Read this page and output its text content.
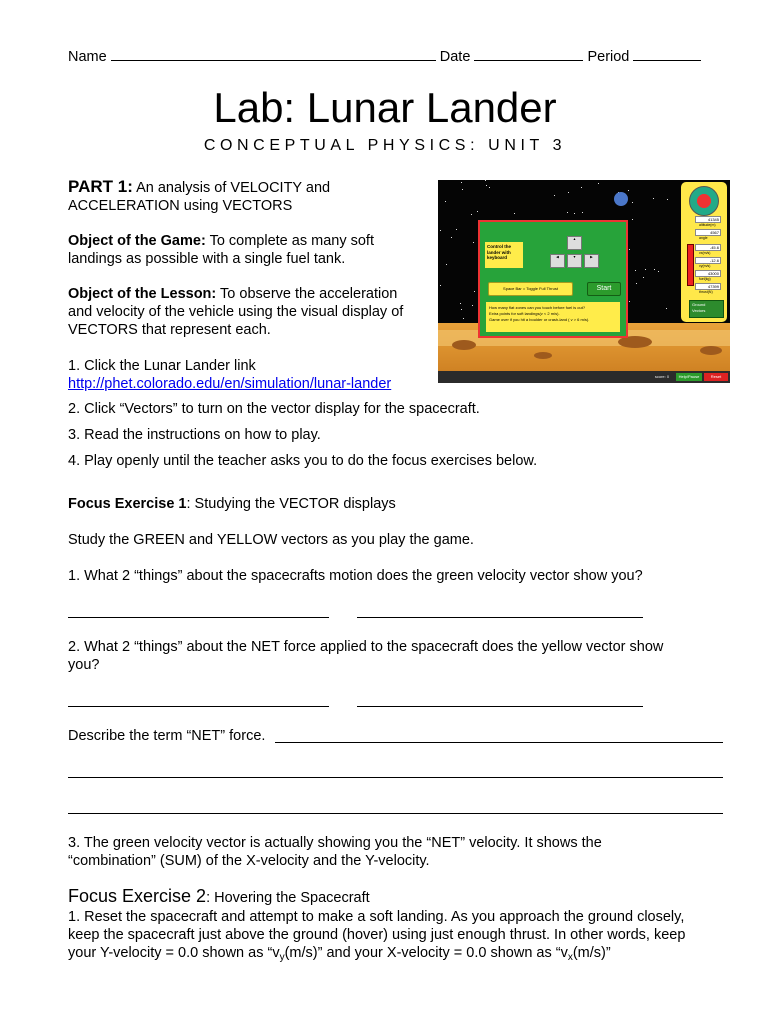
Name	Date	Period
Lab: Lunar Lander
CONCEPTUAL PHYSICS: UNIT 3
PART 1: An analysis of VELOCITY and
ACCELERATION using VECTORS
Object of the Game: To complete as many soft
landings as possible with a single fuel tank.
Object of the Lesson: To observe the acceleration
and velocity of the vehicle using the visual display of
VECTORS that represent each.
Control the lander with keyboard
▲
◀	▼	▶
Space Bar = Toggle Full Thrust	Start
How many flat zones can you touch before fuel is out?
Extra points for soft landings(v < 2 m/s).
Game over if you hit a boulder or crash-land ( v > 6 m/s).
41345
altitude(m)
4567
angle
-45.6
vx(m/s)
-12.6
vy(m/s)
43000
fuel(kg)
47399
thrust(N)
Ground
Vectors
score: 0	Help/Pause	Reset
1. Click the Lunar Lander link
http://phet.colorado.edu/en/simulation/lunar-lander
2. Click “Vectors” to turn on the vector display for the spacecraft.
3. Read the instructions on how to play.
4. Play openly until the teacher asks you to do the focus exercises below.
Focus Exercise 1: Studying the VECTOR displays
Study the GREEN and YELLOW vectors as you play the game.
1. What 2 “things” about the spacecrafts motion does the green velocity vector show you?
2. What 2 “things” about the NET force applied to the spacecraft does the yellow vector show
you?
Describe the term “NET” force.
3. The green velocity vector is actually showing you the “NET” velocity. It shows the
“combination” (SUM) of the X-velocity and the Y-velocity.
Focus Exercise 2: Hovering the Spacecraft
1. Reset the spacecraft and attempt to make a soft landing. As you approach the ground closely,
keep the spacecraft just above the ground (hover) using just enough thrust. In other words, keep
your Y-velocity = 0.0 shown as “$v_y(m/s)$” and your X-velocity = 0.0 shown as “$v_x(m/s)$”
